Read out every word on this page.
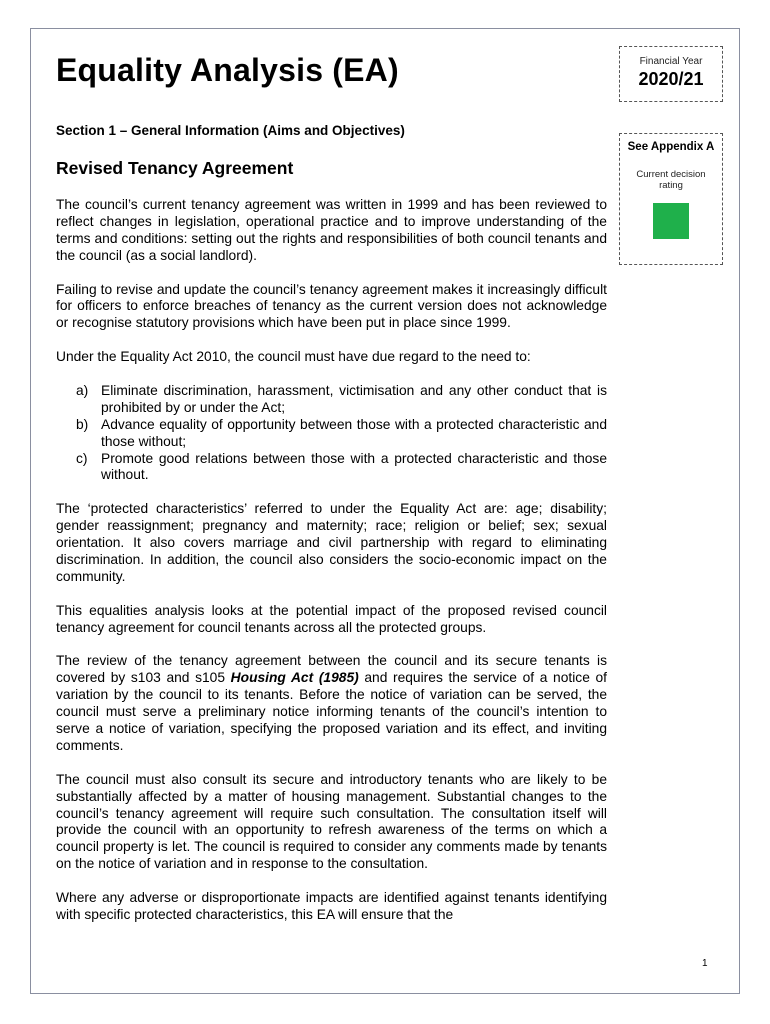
Equality Analysis (EA)	Financial Year
2020/21
See Appendix A
Current decision rating
Section 1 – General Information (Aims and Objectives)
Revised Tenancy Agreement

The council’s current tenancy agreement was written in 1999 and has been reviewed to reflect changes in legislation, operational practice and to improve understanding of the terms and conditions: setting out the rights and responsibilities of both council tenants and the council (as a social landlord).

Failing to revise and update the council’s tenancy agreement makes it increasingly difficult for officers to enforce breaches of tenancy as the current version does not acknowledge or recognise statutory provisions which have been put in place since 1999.

Under the Equality Act 2010, the council must have due regard to the need to:

a) Eliminate discrimination, harassment, victimisation and any other conduct that is prohibited by or under the Act;
b) Advance equality of opportunity between those with a protected characteristic and those without;
c) Promote good relations between those with a protected characteristic and those without.

The ‘protected characteristics’ referred to under the Equality Act are: age; disability; gender reassignment; pregnancy and maternity; race; religion or belief; sex; sexual orientation. It also covers marriage and civil partnership with regard to eliminating discrimination. In addition, the council also considers the socio-economic impact on the community.

This equalities analysis looks at the potential impact of the proposed revised council tenancy agreement for council tenants across all the protected groups.

The review of the tenancy agreement between the council and its secure tenants is covered by s103 and s105 Housing Act (1985) and requires the service of a notice of variation by the council to its tenants. Before the notice of variation can be served, the council must serve a preliminary notice informing tenants of the council’s intention to serve a notice of variation, specifying the proposed variation and its effect, and inviting comments.

The council must also consult its secure and introductory tenants who are likely to be substantially affected by a matter of housing management. Substantial changes to the council’s tenancy agreement will require such consultation. The consultation itself will provide the council with an opportunity to refresh awareness of the terms on which a council property is let. The council is required to consider any comments made by tenants on the notice of variation and in response to the consultation.

Where any adverse or disproportionate impacts are identified against tenants identifying with specific protected characteristics, this EA will ensure that the

1
